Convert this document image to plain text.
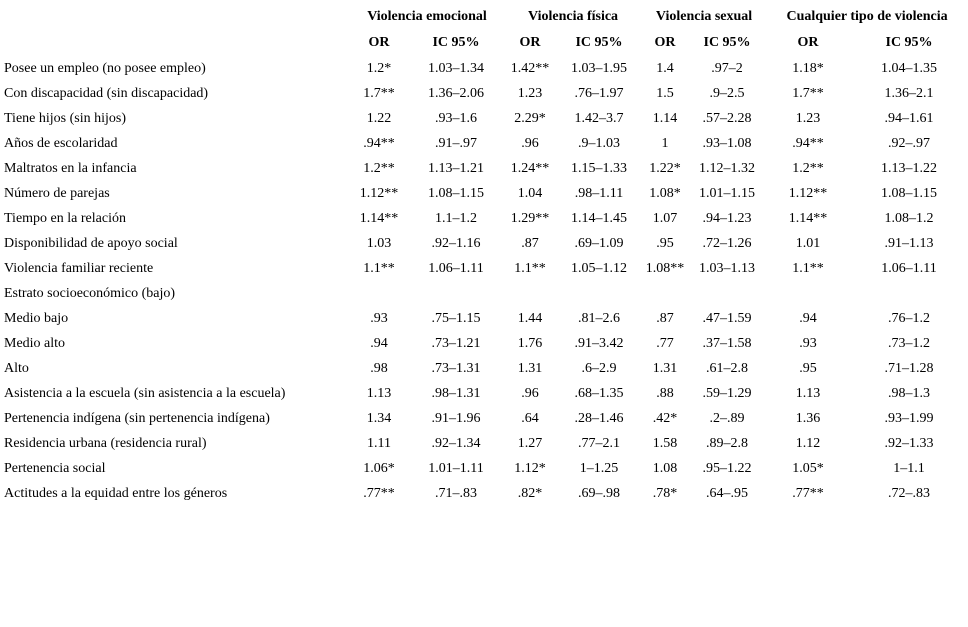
	Violencia emocional		Violencia física		Violencia sexual		Cualquier tipo de violencia	
	OR	IC 95%	OR	IC 95%	OR	IC 95%	OR	IC 95%
Posee un empleo (no posee empleo)	1.2*	1.03–1.34	1.42**	1.03–1.95	1.4	.97–2	1.18*	1.04–1.35
Con discapacidad (sin discapacidad)	1.7**	1.36–2.06	1.23	.76–1.97	1.5	.9–2.5	1.7**	1.36–2.1
Tiene hijos (sin hijos)	1.22	.93–1.6	2.29*	1.42–3.7	1.14	.57–2.28	1.23	.94–1.61
Años de escolaridad	.94**	.91–.97	.96	.9–1.03	1	.93–1.08	.94**	.92–.97
Maltratos en la infancia	1.2**	1.13–1.21	1.24**	1.15–1.33	1.22*	1.12–1.32	1.2**	1.13–1.22
Número de parejas	1.12**	1.08–1.15	1.04	.98–1.11	1.08*	1.01–1.15	1.12**	1.08–1.15
Tiempo en la relación	1.14**	1.1–1.2	1.29**	1.14–1.45	1.07	.94–1.23	1.14**	1.08–1.2
Disponibilidad de apoyo social	1.03	.92–1.16	.87	.69–1.09	.95	.72–1.26	1.01	.91–1.13
Violencia familiar reciente	1.1**	1.06–1.11	1.1**	1.05–1.12	1.08**	1.03–1.13	1.1**	1.06–1.11
Estrato socioeconómico (bajo)								
Medio bajo	.93	.75–1.15	1.44	.81–2.6	.87	.47–1.59	.94	.76–1.2
Medio alto	.94	.73–1.21	1.76	.91–3.42	.77	.37–1.58	.93	.73–1.2
Alto	.98	.73–1.31	1.31	.6–2.9	1.31	.61–2.8	.95	.71–1.28
Asistencia a la escuela (sin asistencia a la escuela)	1.13	.98–1.31	.96	.68–1.35	.88	.59–1.29	1.13	.98–1.3
Pertenencia indígena (sin pertenencia indígena)	1.34	.91–1.96	.64	.28–1.46	.42*	.2–.89	1.36	.93–1.99
Residencia urbana (residencia rural)	1.11	.92–1.34	1.27	.77–2.1	1.58	.89–2.8	1.12	.92–1.33
Pertenencia social	1.06*	1.01–1.11	1.12*	1–1.25	1.08	.95–1.22	1.05*	1–1.1
Actitudes a la equidad entre los géneros	.77**	.71–.83	.82*	.69–.98	.78*	.64–.95	.77**	.72–.83
